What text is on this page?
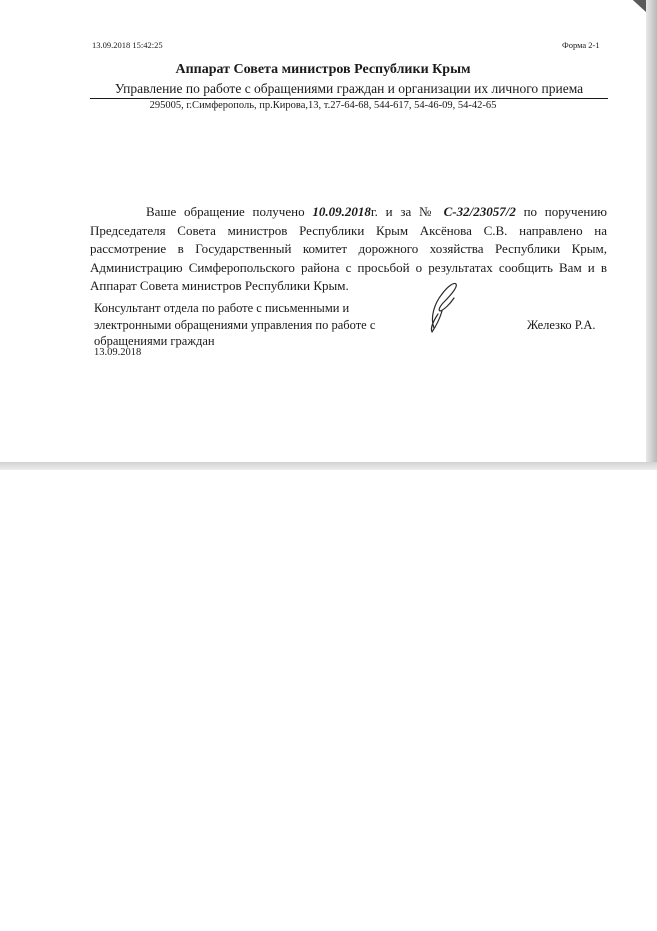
13.09.2018 15:42:25	Форма 2-1
Аппарат Совета министров Республики Крым
Управление по работе с обращениями граждан и организации их личного приема
295005, г.Симферополь, пр.Кирова,13, т.27-64-68, 544-617, 54-46-09, 54-42-65

Ваше обращение получено 10.09.2018г. и за № С-32/23057/2 по поручению Председателя Совета министров Республики Крым Аксёнова С.В. направлено на рассмотрение в Государственный комитет дорожного хозяйства Республики Крым, Администрацию Симферопольского района с просьбой о результатах сообщить Вам и в Аппарат Совета министров Республики Крым.

Консультант отдела по работе с письменными и электронными обращениями управления по работе с обращениями граждан
13.09.2018
Железко Р.А.
